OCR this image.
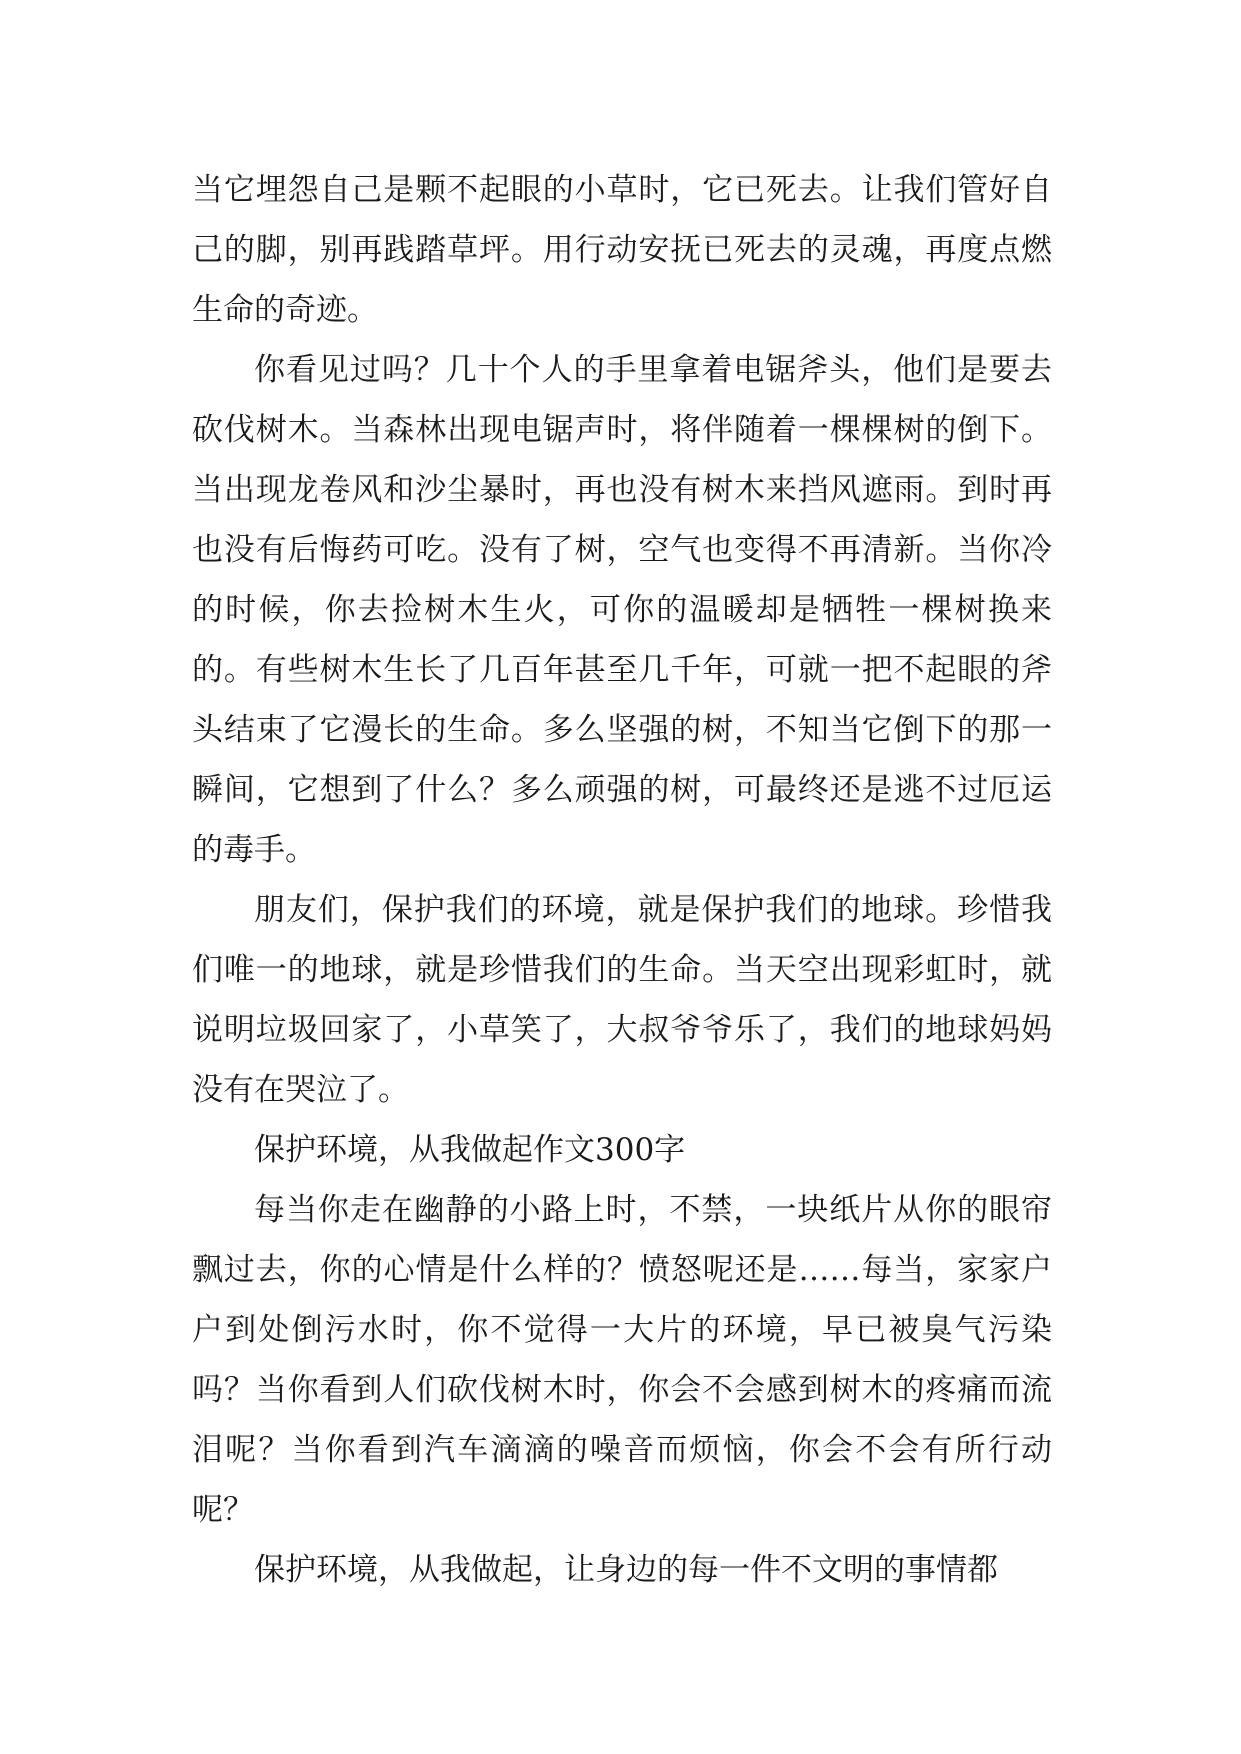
当它埋怨自己是颗不起眼的小草时，它已死去。让我们管好自己的脚，别再践踏草坪。用行动安抚已死去的灵魂，再度点燃生命的奇迹。

你看见过吗？几十个人的手里拿着电锯斧头，他们是要去砍伐树木。当森林出现电锯声时，将伴随着一棵棵树的倒下。当出现龙卷风和沙尘暴时，再也没有树木来挡风遮雨。到时再也没有后悔药可吃。没有了树，空气也变得不再清新。当你冷的时候，你去捡树木生火，可你的温暖却是牺牲一棵树换来的。有些树木生长了几百年甚至几千年，可就一把不起眼的斧头结束了它漫长的生命。多么坚强的树，不知当它倒下的那一瞬间，它想到了什么？多么顽强的树，可最终还是逃不过厄运的毒手。

朋友们，保护我们的环境，就是保护我们的地球。珍惜我们唯一的地球，就是珍惜我们的生命。当天空出现彩虹时，就说明垃圾回家了，小草笑了，大叔爷爷乐了，我们的地球妈妈没有在哭泣了。

保护环境，从我做起作文300字

每当你走在幽静的小路上时，不禁，一块纸片从你的眼帘飘过去，你的心情是什么样的？愤怒呢还是……每当，家家户户到处倒污水时，你不觉得一大片的环境，早已被臭气污染吗？当你看到人们砍伐树木时，你会不会感到树木的疼痛而流泪呢？当你看到汽车滴滴的噪音而烦恼，你会不会有所行动呢？

保护环境，从我做起，让身边的每一件不文明的事情都
